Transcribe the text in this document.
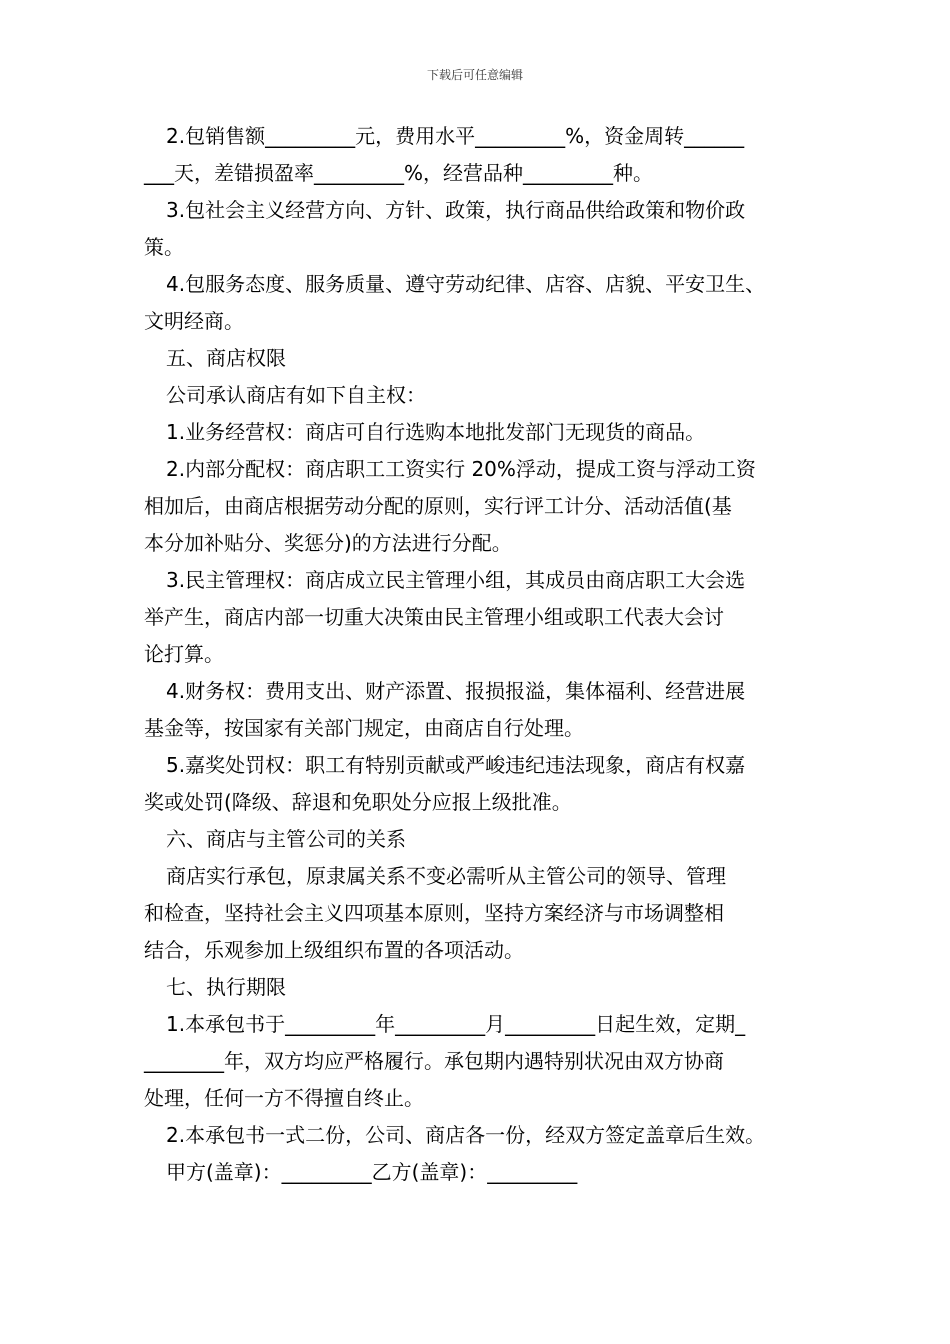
下载后可任意编辑
2.包销售额_________元，费用水平_________%，资金周转______
___天，差错损盈率_________%，经营品种_________种。
3.包社会主义经营方向、方针、政策，执行商品供给政策和物价政
策。
4.包服务态度、服务质量、遵守劳动纪律、店容、店貌、平安卫生、
文明经商。
五、商店权限
公司承认商店有如下自主权：
1.业务经营权：商店可自行选购本地批发部门无现货的商品。
2.内部分配权：商店职工工资实行 20%浮动，提成工资与浮动工资
相加后，由商店根据劳动分配的原则，实行评工计分、活动活值(基
本分加补贴分、奖惩分)的方法进行分配。
3.民主管理权：商店成立民主管理小组，其成员由商店职工大会选
举产生，商店内部一切重大决策由民主管理小组或职工代表大会讨
论打算。
4.财务权：费用支出、财产添置、报损报溢，集体福利、经营进展
基金等，按国家有关部门规定，由商店自行处理。
5.嘉奖处罚权：职工有特别贡献或严峻违纪违法现象，商店有权嘉
奖或处罚(降级、辞退和免职处分应报上级批准。
六、商店与主管公司的关系
商店实行承包，原隶属关系不变必需听从主管公司的领导、管理
和检查，坚持社会主义四项基本原则，坚持方案经济与市场调整相
结合，乐观参加上级组织布置的各项活动。
七、执行期限
1.本承包书于_________年_________月_________日起生效，定期_
________年，双方均应严格履行。承包期内遇特别状况由双方协商
处理，任何一方不得擅自终止。
2.本承包书一式二份，公司、商店各一份，经双方签定盖章后生效。
甲方(盖章)：_________乙方(盖章)：_________
